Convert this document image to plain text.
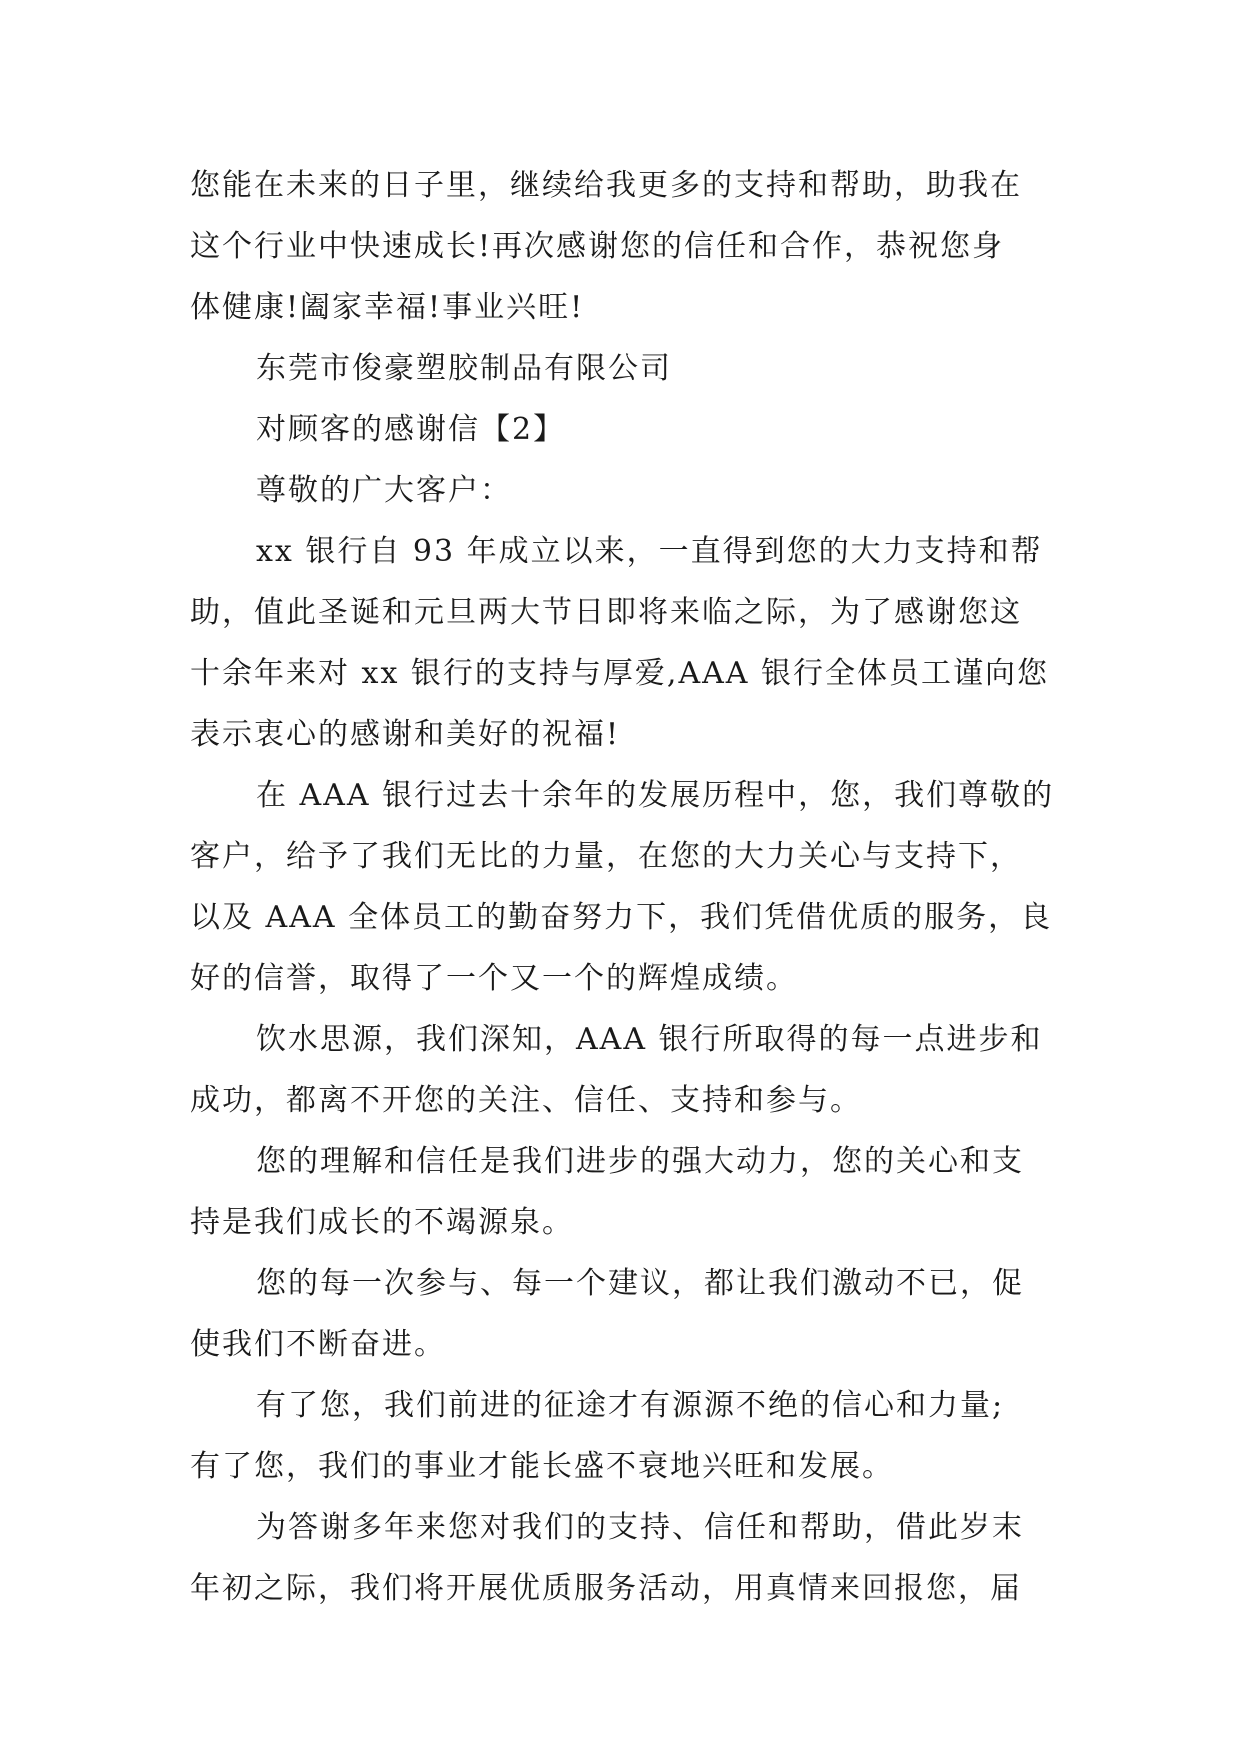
您能在未来的日子里，继续给我更多的支持和帮助，助我在
这个行业中快速成长!再次感谢您的信任和合作，恭祝您身
体健康!阖家幸福!事业兴旺!
东莞市俊豪塑胶制品有限公司
对顾客的感谢信【2】
尊敬的广大客户：
xx 银行自 93 年成立以来，一直得到您的大力支持和帮
助，值此圣诞和元旦两大节日即将来临之际，为了感谢您这
十余年来对 xx 银行的支持与厚爱,AAA 银行全体员工谨向您
表示衷心的感谢和美好的祝福!
在 AAA 银行过去十余年的发展历程中，您，我们尊敬的
客户，给予了我们无比的力量，在您的大力关心与支持下，
以及 AAA 全体员工的勤奋努力下，我们凭借优质的服务，良
好的信誉，取得了一个又一个的辉煌成绩。
饮水思源，我们深知，AAA 银行所取得的每一点进步和
成功，都离不开您的关注、信任、支持和参与。
您的理解和信任是我们进步的强大动力，您的关心和支
持是我们成长的不竭源泉。
您的每一次参与、每一个建议，都让我们激动不已，促
使我们不断奋进。
有了您，我们前进的征途才有源源不绝的信心和力量;
有了您，我们的事业才能长盛不衰地兴旺和发展。
为答谢多年来您对我们的支持、信任和帮助，借此岁末
年初之际，我们将开展优质服务活动，用真情来回报您，届
